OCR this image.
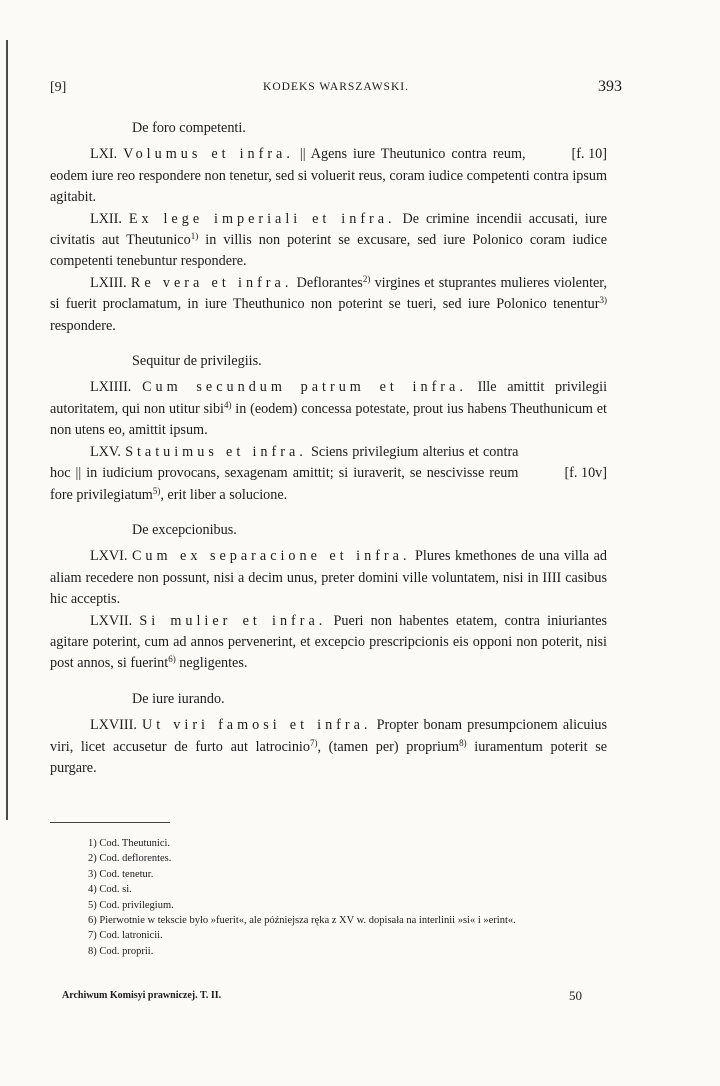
[9]	KODEKS WARSZAWSKI.	393

De foro competenti.

[f. 10]
LXI. Volumus et infra. || Agens iure Theutunico contra reum, eodem iure reo respondere non tenetur, sed si voluerit reus, coram iudice competenti contra ipsum agitabit.

LXII. Ex lege imperiali et infra. De crimine incendii accusati, iure civitatis aut Theutunico$^{1)}$ in villis non poterint se excusare, sed iure Polonico coram iudice competenti tenebuntur respondere.

LXIII. Re vera et infra. Deflorantes$^{2)}$ virgines et stuprantes mulieres violenter, si fuerit proclamatum, in iure Theuthunico non poterint se tueri, sed iure Polonico tenentur$^{3)}$ respondere.

Sequitur de privilegiis.

LXIIII. Cum secundum patrum et infra. Ille amittit privilegii autoritatem, qui non utitur sibi$^{4)}$ in (eodem) concessa potestate, prout ius habens Theuthunicum et non utens eo, amittit ipsum.

[f. 10v]
LXV. Statuimus et infra. Sciens privilegium alterius et contra hoc || in iudicium provocans, sexagenam amittit; si iuraverit, se nescivisse reum fore privilegiatum$^{5)}$, erit liber a solucione.

De excepcionibus.

LXVI. Cum ex separacione et infra. Plures kmethones de una villa ad aliam recedere non possunt, nisi a decim unus, preter domini ville voluntatem, nisi in IIII casibus hic acceptis.

LXVII. Si mulier et infra. Pueri non habentes etatem, contra iniuriantes agitare poterint, cum ad annos pervenerint, et excepcio prescripcionis eis opponi non poterit, nisi post annos, si fuerint$^{6)}$ negligentes.

De iure iurando.

LXVIII. Ut viri famosi et infra. Propter bonam presumpcionem alicuius viri, licet accusetur de furto aut latrocinio$^{7)}$, (tamen per) proprium$^{8)}$ iuramentum poterit se purgare.

1) Cod. Theutunici.
2) Cod. deflorentes.
3) Cod. tenetur.
4) Cod. si.
5) Cod. privilegium.
6) Pierwotnie w tekscie było »fuerit«, ale późniejsza ręka z XV w. dopisała na interlinii »si« i »erint«.
7) Cod. latronicii.
8) Cod. proprii.
Archiwum Komisyi prawniczej. T. II.	50
